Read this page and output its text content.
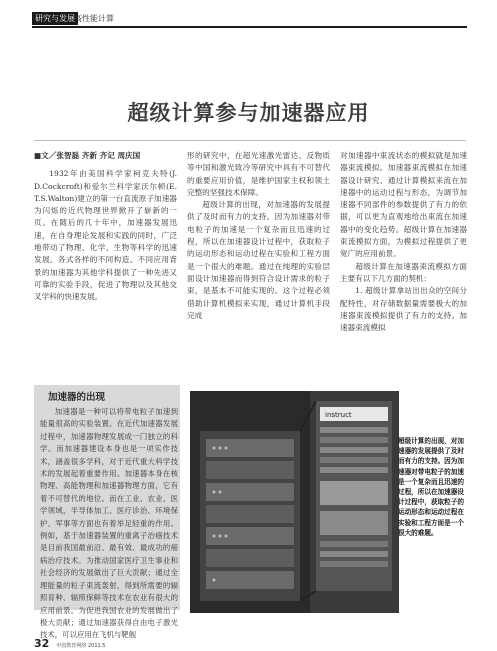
研究与发展 高性能计算
超级计算参与加速器应用

■文／张智磊 齐新 齐记 周庆国

1932年由美国科学家柯克夫特(J. D.Cockcroft)和爱尔兰科学家沃尔顿(E. T.S.Walton)建立的第一台直流原子加速器为闪烁的近代物理世界掀开了崭新的一页。在随后的几十年中，加速器发展迅速，在自身理论发展和实践的同时，广泛地带动了物理、化学、生物等科学的迅速发展。各式各样的不同构造、不同应用背景的加速器为其他学科提供了一种先进又可靠的实验手段，促进了物理以及其他交叉学科的快速发展。

形的研究中，在超光速激光雷达、反物质等中国和激光致冷等研究中具有不可替代的重要应用价值，是维护国家主权和领土完整的坚强技术保障。

超级计算的出现，对加速器的发展提供了及时而有力的支持。因为加速器对带电粒子的加速是一个复杂而且迅速的过程，所以在加速器设计过程中，获取粒子的运动形态和运动过程在实验和工程方面是一个很大的难题。通过在纯理的实验层面设计加速器而得到符合设计需求的粒子束，是基本不可能实现的。这个过程必须借助计算机模拟来实现，通过计算机手段完成

对加速器中束流状态的模拟就是加速器束流模拟。加速器束流模拟在加速器设计研究、通过计算模拟来流在加速器中的运动过程与形态，为调节加速器不同部件的参数提供了有力的依据，可以更为直观地给出束流在加速器中的变化趋势。超级计算在加速器束流模拟方面，为模拟过程提供了更宽广的应用前景。

超级计算在加速器束流模拟方面主要有以下几方面的契机：

1. 超级计算拿站出出众的空间分配特性，对存储数据量需要极大的加速器束流模拟提供了有力的支持。加速器束流模拟

加速器的出现
加速器是一种可以将带电粒子加速到能量很高的实验装置。在近代加速器发展过程中，加速器物理发展成一门独立的科学。而加速器建设本身也是一项实作技术，涵盖很多学科，对于近代重大科学技术的发展起着重要作用。加速器本身在核物理、高能物理和加速器物理方面，它有着不可替代的地位。而在工业、农业、医学领域，半导体加工、医疗诊治、环境保护、军事等方面也有着举足轻重的作用。例如，基于加速器装置的重离子治癌技术是目前我国最前沿、最有效、最成功的癌病治疗技术。为推动国家医疗卫生事业和社会经济的发展做出了巨大贡献；通过全理能量的粒子束流轰射，得到所需要的辐照育种、辐照保鲜等技术在农业有很大的应用前景。为促进我国农业的发展做出了极大贡献；通过加速器获得自由电子激光技术，可以应用在飞机与靶舰
instruct
超级计算的出现，对加速器的发展提供了及时而有力的支持。因为加速器对带电粒子的加速是一个复杂而且迅速的过程，所以在加速器设计过程中，获取粒子的运动形态和运动过程在实验和工程方面是一个很大的难题。
32 中国教育网络 2011.5
